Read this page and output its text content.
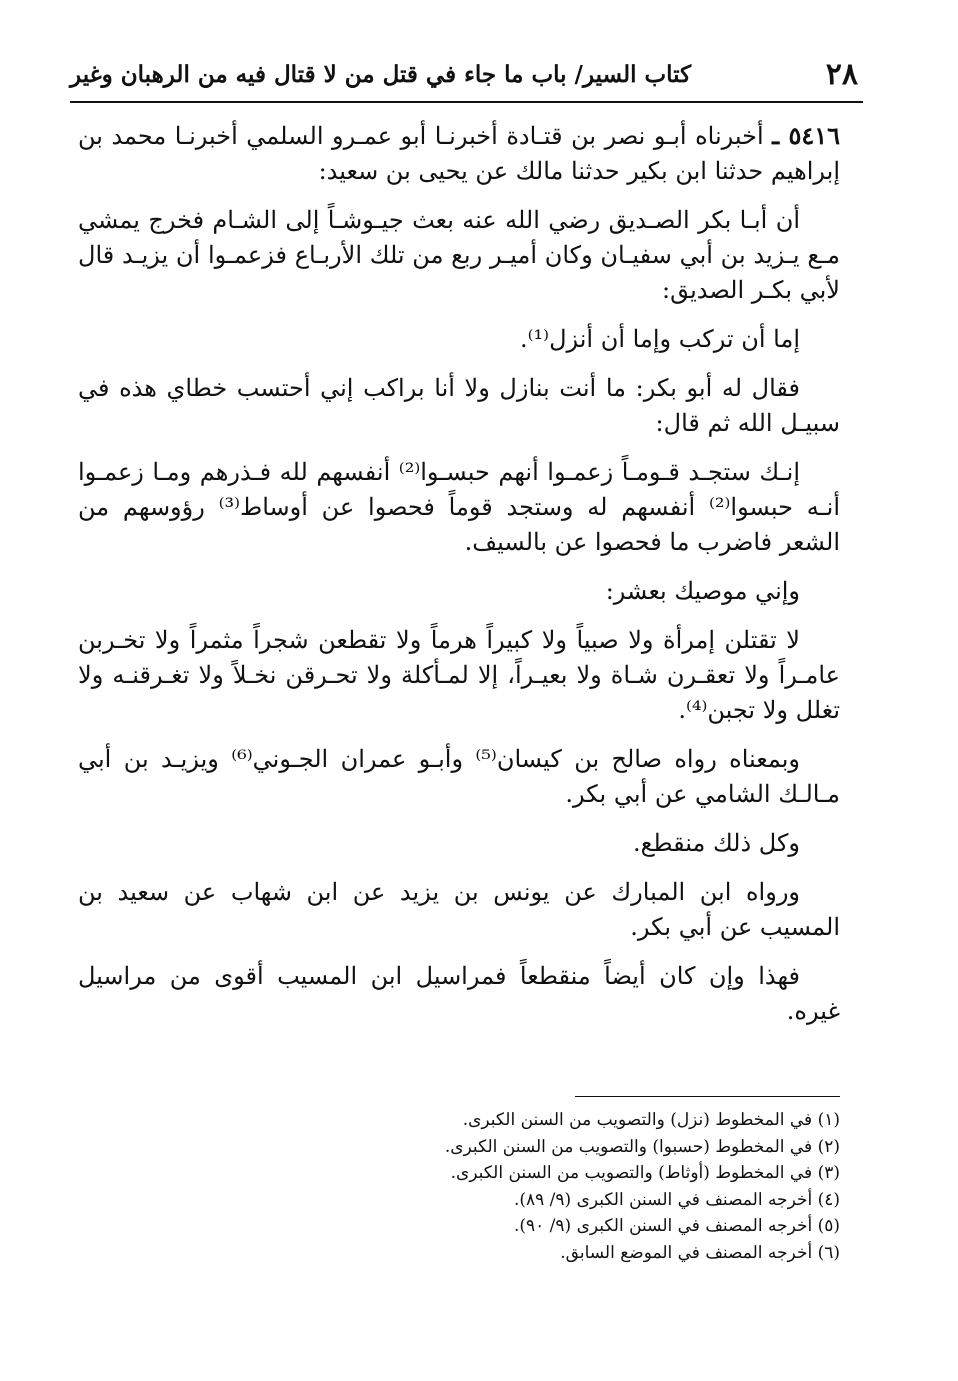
٢٨
كتاب السير/ باب ما جاء في قتل من لا قتال فيه من الرهبان وغير

٥٤١٦ ـ أخبرناه أبـو نصر بن قتـادة أخبرنـا أبو عمـرو السلمي أخبرنـا محمد بن إبراهيم حدثنا ابن بكير حدثنا مالك عن يحيى بن سعيد:

أن أبـا بكر الصـديق رضي الله عنه بعث جيـوشـاً إلى الشـام فخرج يمشي مـع يـزيد بن أبي سفيـان وكان أميـر ربع من تلك الأربـاع فزعمـوا أن يزيـد قال لأبي بكـر الصديق:

إما أن تركب وإما أن أنزل⁽¹⁾.

فقال له أبو بكر: ما أنت بنازل ولا أنا براكب إني أحتسب خطاي هذه في سبيـل الله ثم قال:

إنـك ستجـد قـومـاً زعمـوا أنهم حبسـوا⁽²⁾ أنفسهم لله فـذرهم ومـا زعمـوا أنـه حبسوا⁽²⁾ أنفسهم له وستجد قوماً فحصوا عن أوساط⁽³⁾ رؤوسهم من الشعر فاضرب ما فحصوا عن بالسيف.

وإني موصيك بعشر:

لا تقتلن إمرأة ولا صبياً ولا كبيراً هرماً ولا تقطعن شجراً مثمراً ولا تخـربن عامـراً ولا تعقـرن شـاة ولا بعيـراً، إلا لمـأكلة ولا تحـرقن نخـلاً ولا تغـرقنـه ولا تغلل ولا تجبن⁽⁴⁾.

وبمعناه رواه صالح بن كيسان⁽⁵⁾ وأبـو عمران الجـوني⁽⁶⁾ ويزيـد بن أبي مـالـك الشامي عن أبي بكر.

وكل ذلك منقطع.

ورواه ابن المبارك عن يونس بن يزيد عن ابن شهاب عن سعيد بن المسيب عن أبي بكر.

فهذا وإن كان أيضاً منقطعاً فمراسيل ابن المسيب أقوى من مراسيل غيره.

(١) في المخطوط (نزل) والتصويب من السنن الكبرى.
(٢) في المخطوط (حسبوا) والتصويب من السنن الكبرى.
(٣) في المخطوط (أوثاط) والتصويب من السنن الكبرى.
(٤) أخرجه المصنف في السنن الكبرى (٩/ ٨٩).
(٥) أخرجه المصنف في السنن الكبرى (٩/ ٩٠).
(٦) أخرجه المصنف في الموضع السابق.
